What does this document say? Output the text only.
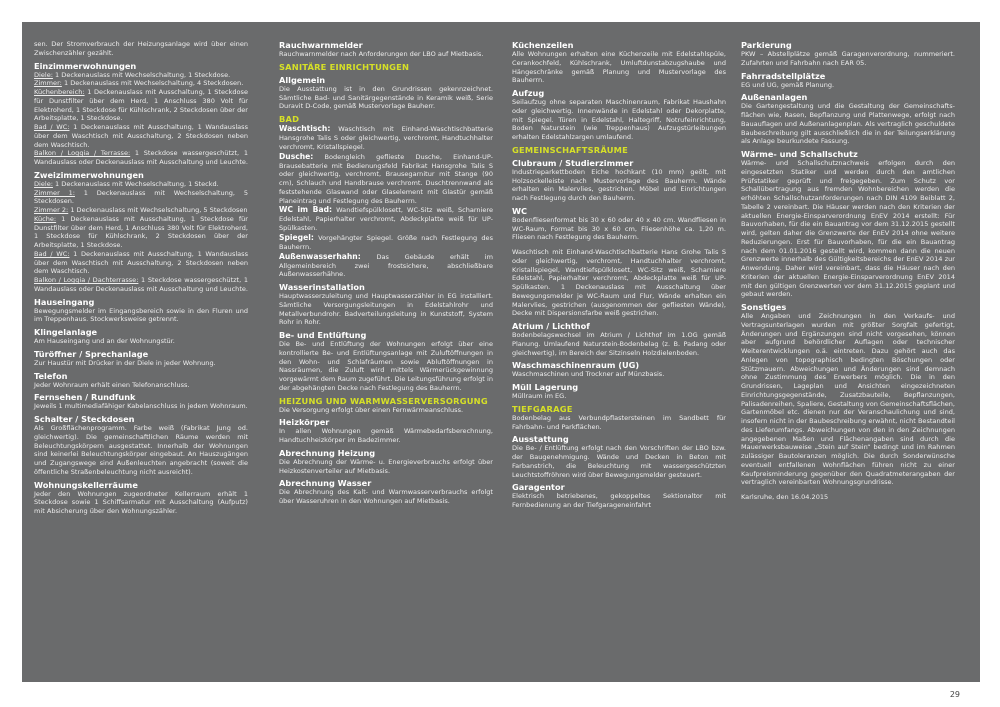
sen. Der Stromverbrauch der Heizungsanlage wird über einen Zwischenzähler gezählt.

Einzimmerwohnungen

Diele: 1 Deckenauslass mit Wechselschaltung, 1 Steckdose.

Zimmer: 1 Deckenauslass mit Wechselschaltung, 4 Steckdosen.

Küchenbereich: 1 Deckenauslass mit Ausschaltung, 1 Steckdose für Dunstfilter über dem Herd, 1 Anschluss 380 Volt für Elektroherd, 1 Steckdose für Kühlschrank, 2 Steckdosen über der Arbeitsplatte, 1 Steckdose.

Bad / WC: 1 Deckenauslass mit Ausschaltung, 1 Wandauslass über dem Waschtisch mit Ausschaltung, 2 Steckdosen neben dem Waschtisch.

Balkon / Loggia / Terrasse: 1 Steckdose wassergeschützt, 1 Wandauslass oder Deckenauslass mit Ausschaltung und Leuchte.

Zweizimmerwohnungen

Diele: 1 Deckenauslass mit Wechselschaltung, 1 Steckd.

Zimmer 1: 1 Deckenauslass mit Wechselschaltung, 5 Steckdosen.

Zimmer 2: 1 Deckenauslass mit Wechselschaltung, 5 Steckdosen

Küche: 1 Deckenauslass mit Ausschaltung, 1 Steckdose für Dunstfilter über dem Herd, 1 Anschluss 380 Volt für Elektroherd, 1 Steckdose für Kühlschrank, 2 Steckdosen über der Arbeitsplatte, 1 Steckdose.

Bad / WC: 1 Deckenauslass mit Ausschaltung, 1 Wandauslass über dem Waschtisch mit Ausschaltung, 2 Steckdosen neben dem Waschtisch.

Balkon / Loggia / Dachterrasse: 1 Steckdose wassergeschützt, 1 Wandauslass oder Deckenauslass mit Ausschaltung und Leuchte.

Hauseingang

Bewegungsmelder im Eingangsbereich sowie in den Fluren und im Treppenhaus. Stockwerksweise getrennt.

Klingelanlage

Am Hauseingang und an der Wohnungstür.

Türöffner / Sprechanlage

Zur Haustür mit Drücker in der Diele in jeder Wohnung.

Telefon

Jeder Wohnraum erhält einen Telefonanschluss.

Fernsehen / Rundfunk

Jeweils 1 multimediafähiger Kabelanschluss in jedem Wohnraum.

Schalter / Steckdosen

Als Großflächenprogramm. Farbe weiß (Fabrikat Jung od. gleichwertig). Die gemeinschaftlichen Räume werden mit Beleuchtungskörpern ausgestattet. Innerhalb der Wohnungen sind keinerlei Beleuchtungskörper eingebaut. An Hauszugängen und Zugangswege sind Außenleuchten angebracht (soweit die öffentliche Straßenbeleuchtung nicht ausreicht).

Wohnungskellerräume

Jeder den Wohnungen zugeordneter Kellerraum erhält 1 Steckdose sowie 1 Schiffsarmatur mit Ausschaltung (Aufputz) mit Absicherung über den Wohnungszähler.

Rauchwarnmelder

Rauchwarnmelder nach Anforderungen der LBO auf Mietbasis.

SANITÄRE EINRICHTUNGEN
Allgemein

Die Ausstattung ist in den Grundrissen gekennzeichnet. Sämtliche Bad- und Sanitärgegenstände in Keramik weiß, Serie Duravit D-Code, gemäß Mustervorlage Bauherr.

BAD

Waschtisch: Waschtisch mit Einhand-Waschtischbatterie Hansgrohe Talis S oder gleichwertig, verchromt, Handtuchhalter verchromt, Kristallspiegel.

Dusche: Bodengleich geflieste Dusche, Einhand-UP-Brausebatterie mit Bedienungsfeld Fabrikat Hansgrohe Talis S oder gleichwertig, verchromt, Brausegarnitur mit Stange (90 cm), Schlauch und Handbrause verchromt. Duschtrennwand als feststehende Glaswand oder Glaselement mit Glastür gemäß Planeintrag und Festlegung des Bauherrn.

WC im Bad: Wandtiefspülklosett, WC-Sitz weiß, Scharniere Edelstahl, Papierhalter verchromt, Abdeckplatte weiß für UP-Spülkasten.

Spiegel: Vorgehängter Spiegel. Größe nach Festlegung des Bauherrn.

Außenwasserhahn: Das Gebäude erhält im Allgemeinbereich zwei frostsichere, abschließbare Außenwasserhähne.

Wasserinstallation

Hauptwasserzuleitung und Hauptwasserzähler in EG installiert. Sämtliche Versorgungsleitungen in Edelstahlrohr und Metallverbundrohr. Badverteilungsleitung in Kunststoff, System Rohr in Rohr.

Be- und Entlüftung

Die Be- und Entlüftung der Wohnungen erfolgt über eine kontrollierte Be- und Entlüftungsanlage mit Zuluftöffnungen in den Wohn- und Schlafräumen sowie Abluftöffnungen in Nassräumen, die Zuluft wird mittels Wärmerückgewinnung vorgewärmt dem Raum zugeführt. Die Leitungsführung erfolgt in der abgehängten Decke nach Festlegung des Bauherrn.

HEIZUNG UND WARMWASSERVERSORGUNG

Die Versorgung erfolgt über einen Fernwärmeanschluss.

Heizkörper

In allen Wohnungen gemäß Wärmebedarfsberechnung, Handtuchheizkörper im Badezimmer.

Abrechnung Heizung

Die Abrechnung der Wärme- u. Energieverbrauchs erfolgt über Heizkostenverteiler auf Mietbasis.

Abrechnung Wasser

Die Abrechnung des Kalt- und Warmwasserverbrauchs erfolgt über Wasseruhren in den Wohnungen auf Mietbasis.

Küchenzeilen

Alle Wohnungen erhalten eine Küchenzeile mit Edelstahlspüle, Cerankochfeld, Kühlschrank, Umluftdunstabzugshaube und Hängeschränke gemäß Planung und Mustervorlage des Bauherrn.

Aufzug

Seilaufzug ohne separaten Maschinenraum, Fabrikat Haushahn oder gleichwertig. Innenwände in Edelstahl oder Dekorplatte, mit Spiegel. Türen in Edelstahl, Haltegriff, Notrufeinrichtung, Boden Naturstein (wie Treppenhaus) Aufzugstürleibungen erhalten Edelstahlzargen umlaufend.

GEMEINSCHAFTSRÄUME
Clubraum / Studierzimmer

Industrieparkettboden Eiche hochkant (10 mm) geölt, mit Holzsockelleiste nach Mustervorlage des Bauherrn. Wände erhalten ein Malervlies, gestrichen. Möbel und Einrichtungen nach Festlegung durch den Bauherrn.

WC

Bodenfliesenformat bis 30 x 60 oder 40 x 40 cm. Wandfliesen in WC-Raum, Format bis 30 x 60 cm, Fliesenhöhe ca. 1,20 m. Fliesen nach Festlegung des Bauherrn.

Waschtisch mit Einhand-Waschtischbatterie Hans Grohe Talis S oder gleichwertig, verchromt, Handtuchhalter verchromt, Kristallspiegel, Wandtiefspülklosett, WC-Sitz weiß, Scharniere Edelstahl, Papierhalter verchromt, Abdeckplatte weiß für UP-Spülkasten. 1 Deckenauslass mit Ausschaltung über Bewegungsmelder je WC-Raum und Flur, Wände erhalten ein Malervlies, gestrichen (ausgenommen der gefliesten Wände), Decke mit Dispersionsfarbe weiß gestrichen.

Atrium / Lichthof

Bodenbelagswechsel im Atrium / Lichthof im 1.OG gemäß Planung. Umlaufend Naturstein-Bodenbelag (z. B. Padang oder gleichwertig), im Bereich der Sitzinseln Holzdielenboden.

Waschmaschinenraum (UG)

Waschmaschinen und Trockner auf Münzbasis.

Müll Lagerung

Müllraum im EG.

TIEFGARAGE

Bodenbelag aus Verbundpflastersteinen im Sandbett für Fahrbahn- und Parkflächen.

Ausstattung

Die Be- / Entlüftung erfolgt nach den Vorschriften der LBO bzw. der Baugenehmigung. Wände und Decken in Beton mit Farbanstrich, die Beleuchtung mit wassergeschützten Leuchtstoffröhren wird über Bewegungsmelder gesteuert.

Garagentor

Elektrisch betriebenes, gekoppeltes Sektionaltor mit Fernbedienung an der Tiefgarageneinfahrt

Parkierung

PKW – Abstellplätze gemäß Garagenverordnung, nummeriert. Zufahrten und Fahrbahn nach EAR 05.

Fahrradstellplätze

EG und UG, gemäß Planung.

Außenanlagen

Die Gartengestaltung und die Gestaltung der Gemeinschafts-flächen wie, Rasen, Bepflanzung und Plattenwege, erfolgt nach Bauauflagen und Außenanlagenplan. Als vertraglich geschuldete Baubeschreibung gilt ausschließlich die in der Teilungserklärung als Anlage beurkundete Fassung.

Wärme- und Schallschutz

Wärme- und Schallschutznachweis erfolgen durch den eingesetzten Statiker und werden durch den amtlichen Prüfstatiker geprüft und freigegeben. Zum Schutz vor Schallübertragung aus fremden Wohnbereichen werden die erhöhten Schallschutzanforderungen nach DIN 4109 Beiblatt 2, Tabelle 2 vereinbart. Die Häuser werden nach den Kriterien der aktuellen Energie-Einsparverordnung EnEV 2014 erstellt: Für Bauvorhaben, für die ein Bauantrag vor dem 31.12.2015 gestellt wird, gelten daher die Grenzwerte der EnEV 2014 ohne weitere Reduzierungen. Erst für Bauvorhaben, für die ein Bauantrag nach dem 01.01.2016 gestellt wird, kommen dann die neuen Grenzwerte innerhalb des Gültigkeitsbereichs der EnEV 2014 zur Anwendung. Daher wird vereinbart, dass die Häuser nach den Kriterien der aktuellen Energie-Einsparverordnung EnEV 2014 mit den gültigen Grenzwerten vor dem 31.12.2015 geplant und gebaut werden.

Sonstiges

Alle Angaben und Zeichnungen in den Verkaufs- und Vertragsunterlagen wurden mit größter Sorgfalt gefertigt, Änderungen und Ergänzungen sind nicht vorgesehen, können aber aufgrund behördlicher Auflagen oder technischer Weiterentwicklungen o.ä. eintreten. Dazu gehört auch das Anlegen von topographisch bedingten Böschungen oder Stützmauern. Abweichungen und Änderungen sind demnach ohne Zustimmung des Erwerbers möglich. Die in den Grundrissen, Lageplan und Ansichten eingezeichneten Einrichtungsgegenstände, Zusatzbauteile, Bepflanzungen, Palisadenreihen, Spaliere, Gestaltung von Gemeinschaftsflächen, Gartenmöbel etc. dienen nur der Veranschaulichung und sind, insofern nicht in der Baubeschreibung erwähnt, nicht Bestandteil des Lieferumfangs. Abweichungen von den in den Zeichnungen angegebenen Maßen und Flächenangaben sind durch die Mauerwerksbauweise „Stein auf Stein“ bedingt und im Rahmen zulässiger Bautoleranzen möglich. Die durch Sonderwünsche eventuell entfallenen Wohnflächen führen nicht zu einer Kaufpreisminderung gegenüber den Quadratmeterangaben der vertraglich vereinbarten Wohnungsgrundrisse.

Karlsruhe, den 16.04.2015

29
